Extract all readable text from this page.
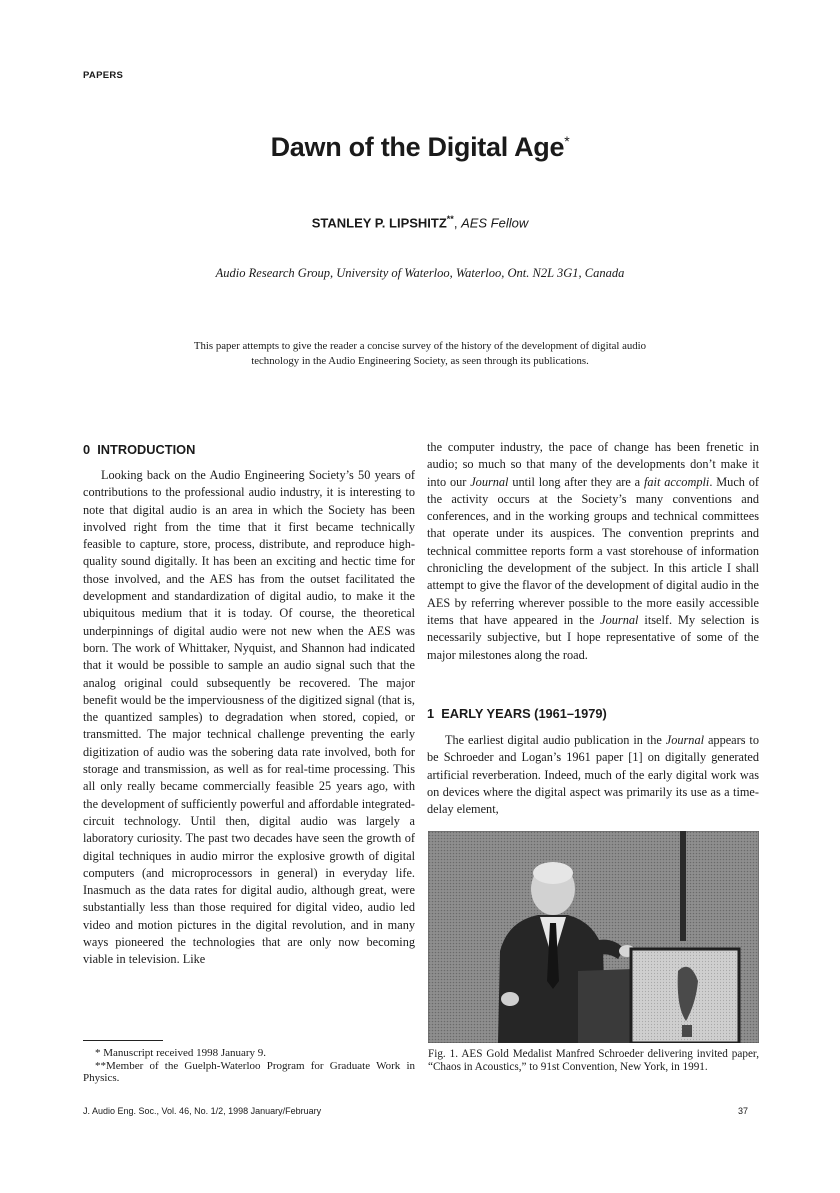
PAPERS
Dawn of the Digital Age*
STANLEY P. LIPSHITZ**, AES Fellow
Audio Research Group, University of Waterloo, Waterloo, Ont. N2L 3G1, Canada
This paper attempts to give the reader a concise survey of the history of the development of digital audio technology in the Audio Engineering Society, as seen through its publications.
0 INTRODUCTION

Looking back on the Audio Engineering Society’s 50 years of contributions to the professional audio industry, it is interesting to note that digital audio is an area in which the Society has been involved right from the time that it first became technically feasible to capture, store, process, distribute, and reproduce high-quality sound digitally. It has been an exciting and hectic time for those involved, and the AES has from the outset facilitated the development and standardization of digital audio, to make it the ubiquitous medium that it is today. Of course, the theoretical underpinnings of digital audio were not new when the AES was born. The work of Whittaker, Nyquist, and Shannon had indicated that it would be possible to sample an audio signal such that the analog original could subsequently be recovered. The major benefit would be the imperviousness of the digitized signal (that is, the quantized samples) to degradation when stored, copied, or transmitted. The major technical challenge preventing the early digitization of audio was the sobering data rate involved, both for storage and transmission, as well as for real-time processing. This all only really became commercially feasible 25 years ago, with the development of sufficiently powerful and affordable integrated-circuit technology. Until then, digital audio was largely a laboratory curiosity. The past two decades have seen the growth of digital techniques in audio mirror the explosive growth of digital computers (and microprocessors in general) in everyday life. Inasmuch as the data rates for digital audio, although great, were substantially less than those required for digital video, audio led video and motion pictures in the digital revolution, and in many ways pioneered the technologies that are only now becoming viable in television. Like

the computer industry, the pace of change has been frenetic in audio; so much so that many of the developments don’t make it into our Journal until long after they are a fait accompli. Much of the activity occurs at the Society’s many conventions and conferences, and in the working groups and technical committees that operate under its auspices. The convention preprints and technical committee reports form a vast storehouse of information chronicling the development of the subject. In this article I shall attempt to give the flavor of the development of digital audio in the AES by referring wherever possible to the more easily accessible items that have appeared in the Journal itself. My selection is necessarily subjective, but I hope representative of some of the major milestones along the road.

1 EARLY YEARS (1961–1979)

The earliest digital audio publication in the Journal appears to be Schroeder and Logan’s 1961 paper [1] on digitally generated artificial reverberation. Indeed, much of the early digital work was on devices where the digital aspect was primarily its use as a time-delay element,

Fig. 1. AES Gold Medalist Manfred Schroeder delivering invited paper, “Chaos in Acoustics,” to 91st Convention, New York, in 1991.

* Manuscript received 1998 January 9.

**Member of the Guelph-Waterloo Program for Graduate Work in Physics.

J. Audio Eng. Soc., Vol. 46, No. 1/2, 1998 January/February	37
